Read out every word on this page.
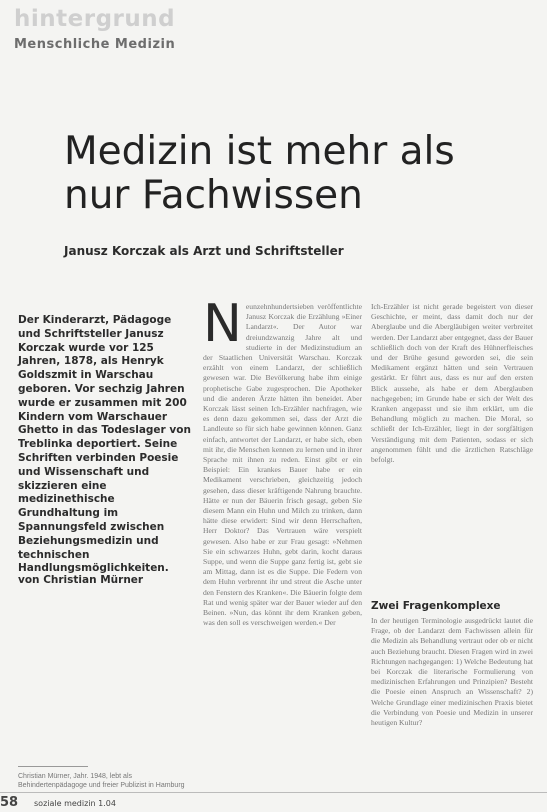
hintergrund
Menschliche Medizin
Medizin ist mehr als
nur Fachwissen
Janusz Korczak als Arzt und Schriftsteller
Der Kinderarzt, Pädagoge und Schriftsteller Janusz Korczak wurde vor 125 Jahren, 1878, als Henryk Goldszmit in Warschau geboren. Vor sechzig Jahren wurde er zusammen mit 200 Kindern vom Warschauer Ghetto in das Todeslager von Treblinka deportiert. Seine Schriften verbinden Poesie und Wissenschaft und skizzieren eine medizinethische Grundhaltung im Spannungsfeld zwischen Beziehungsmedizin und technischen Handlungsmöglichkeiten.
von Christian Mürner
Christian Mürner, Jahr. 1948, lebt als Behindertenpädagoge und freier Publizist in Hamburg
N eunzehnhundertsieben veröffentlichte Janusz Korczak die Erzählung »Einer Landarzt«. Der Autor war dreiundzwanzig Jahre alt und studierte in der Medizinstudium an der Staatlichen Universität Warschau. Korczak erzählt von einem Landarzt, der schließlich gewesen war. Die Bevölkerung habe ihm einige prophetische Gabe zugesprochen. Die Apotheker und die anderen Ärzte hätten ihn beneidet. Aber Korczak lässt seinen Ich-Erzähler nachfragen, wie es denn dazu gekommen sei, dass der Arzt die Landleute so für sich habe gewinnen können. Ganz einfach, antwortet der Landarzt, er habe sich, eben mit ihr, die Menschen kennen zu lernen und in ihrer Sprache mit ihnen zu reden. Einst gibt er ein Beispiel: Ein krankes Bauer habe er ein Medikament verschrieben, gleichzeitig jedoch gesehen, dass dieser kräftigende Nahrung brauchte. Hätte er nun der Bäuerin frisch gesagt, geben Sie diesem Mann ein Huhn und Milch zu trinken, dann hätte diese erwidert: Sind wir denn Herrschaften, Herr Doktor? Das Vertrauen wäre verspielt gewesen. Also habe er zur Frau gesagt: »Nehmen Sie ein schwarzes Huhn, gebt darin, kocht daraus Suppe, und wenn die Suppe ganz fertig ist, gebt sie am Mittag, dann ist es die Suppe. Die Federn von dem Huhn verbrennt ihr und streut die Asche unter den Fenstern des Kranken«. Die Bäuerin folgte dem Rat und wenig später war der Bauer wieder auf den Beinen. »Nun, das könnt ihr dem Kranken geben, was den soll es verschweigen werden.« Der
Ich-Erzähler ist nicht gerade begeistert von dieser Geschichte, er meint, dass damit doch nur der Aberglaube und die Abergläubigen weiter verbreitet werden. Der Landarzt aber entgegnet, dass der Bauer schließlich doch von der Kraft des Hühnerfleisches und der Brühe gesund geworden sei, die sein Medikament ergänzt hätten und sein Vertrauen gestärkt. Er führt aus, dass es nur auf den ersten Blick aussehe, als habe er dem Aberglauben nachgegeben; im Grunde habe er sich der Welt des Kranken angepasst und sie ihm erklärt, um die Behandlung möglich zu machen. Die Moral, so schließt der Ich-Erzähler, liegt in der sorgfältigen Verständigung mit dem Patienten, sodass er sich angenommen fühlt und die ärztlichen Ratschläge befolgt.
Zwei Fragenkomplexe
In der heutigen Terminologie ausgedrückt lautet die Frage, ob der Landarzt dem Fachwissen allein für die Medizin als Behandlung vertraut oder ob er nicht auch Beziehung braucht. Diesen Fragen wird in zwei Richtungen nachgegangen: 1) Welche Bedeutung hat bei Korczak die literarische Formulierung von medizinischen Erfahrungen und Prinzipien? Besteht die Poesie einen Anspruch an Wissenschaft? 2) Welche Grundlage einer medizinischen Praxis bietet die Verbindung von Poesie und Medizin in unserer heutigen Kultur?
58 soziale medizin 1.04
